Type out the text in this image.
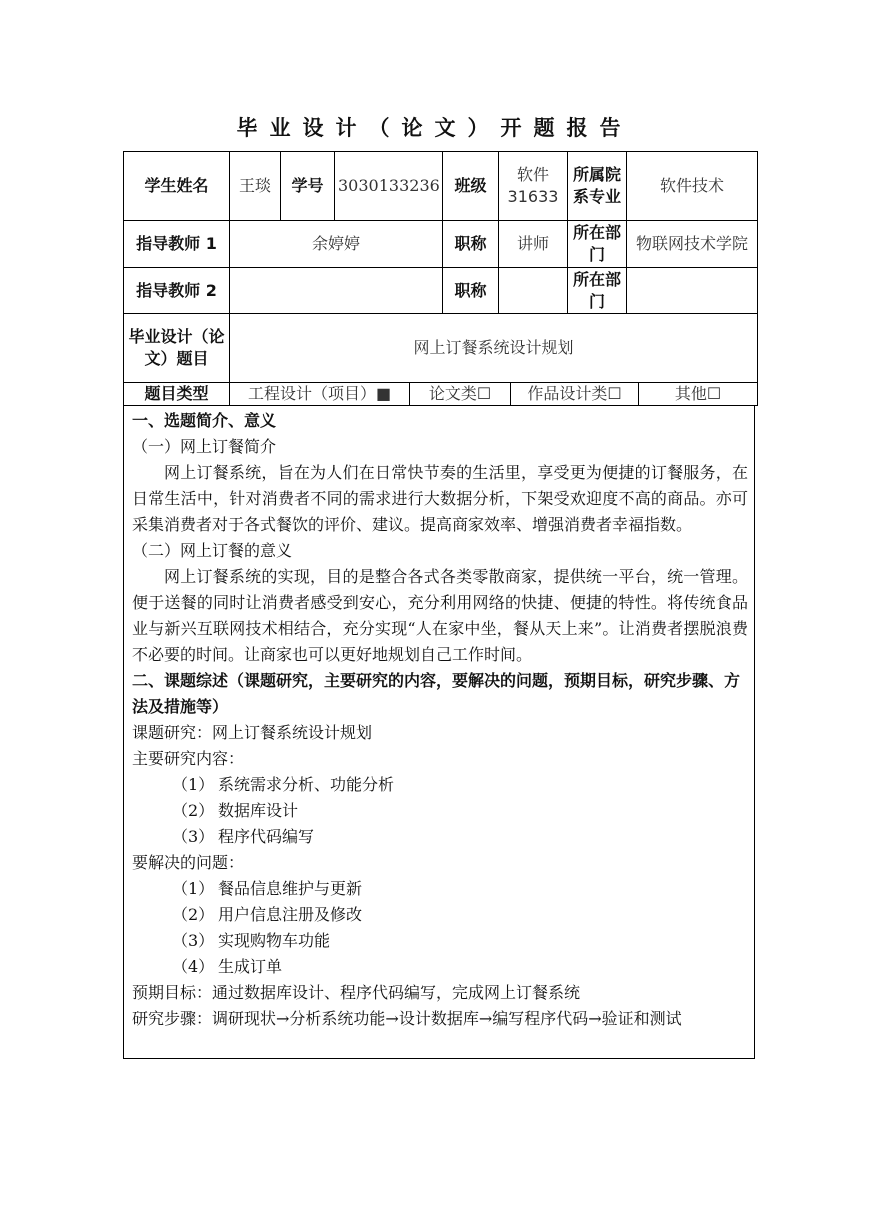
毕业设计（论文）开题报告
学生姓名	王琰	学号	3030133236	班级	软件31633	所属院系专业	软件技术
指导教师 1	余婷婷			职称	讲师	所在部门	物联网技术学院
指导教师 2				职称		所在部门	
毕业设计（论文）题目	网上订餐系统设计规划						
题目类型	工程设计（项目）■ 论文类☐ 作品设计类☐ 其他☐						

一、选题简介、意义

（一）网上订餐简介

网上订餐系统，旨在为人们在日常快节奏的生活里，享受更为便捷的订餐服务，在日常生活中，针对消费者不同的需求进行大数据分析，下架受欢迎度不高的商品。亦可采集消费者对于各式餐饮的评价、建议。提高商家效率、增强消费者幸福指数。

（二）网上订餐的意义

网上订餐系统的实现，目的是整合各式各类零散商家，提供统一平台，统一管理。便于送餐的同时让消费者感受到安心，充分利用网络的快捷、便捷的特性。将传统食品业与新兴互联网技术相结合，充分实现“人在家中坐，餐从天上来”。让消费者摆脱浪费不必要的时间。让商家也可以更好地规划自己工作时间。

二、课题综述（课题研究，主要研究的内容，要解决的问题，预期目标，研究步骤、方法及措施等）

课题研究：网上订餐系统设计规划

主要研究内容：

（1） 系统需求分析、功能分析

（2） 数据库设计

（3） 程序代码编写

要解决的问题：

（1） 餐品信息维护与更新

（2） 用户信息注册及修改

（3） 实现购物车功能

（4） 生成订单

预期目标：通过数据库设计、程序代码编写，完成网上订餐系统

研究步骤：调研现状→分析系统功能→设计数据库→编写程序代码→验证和测试
